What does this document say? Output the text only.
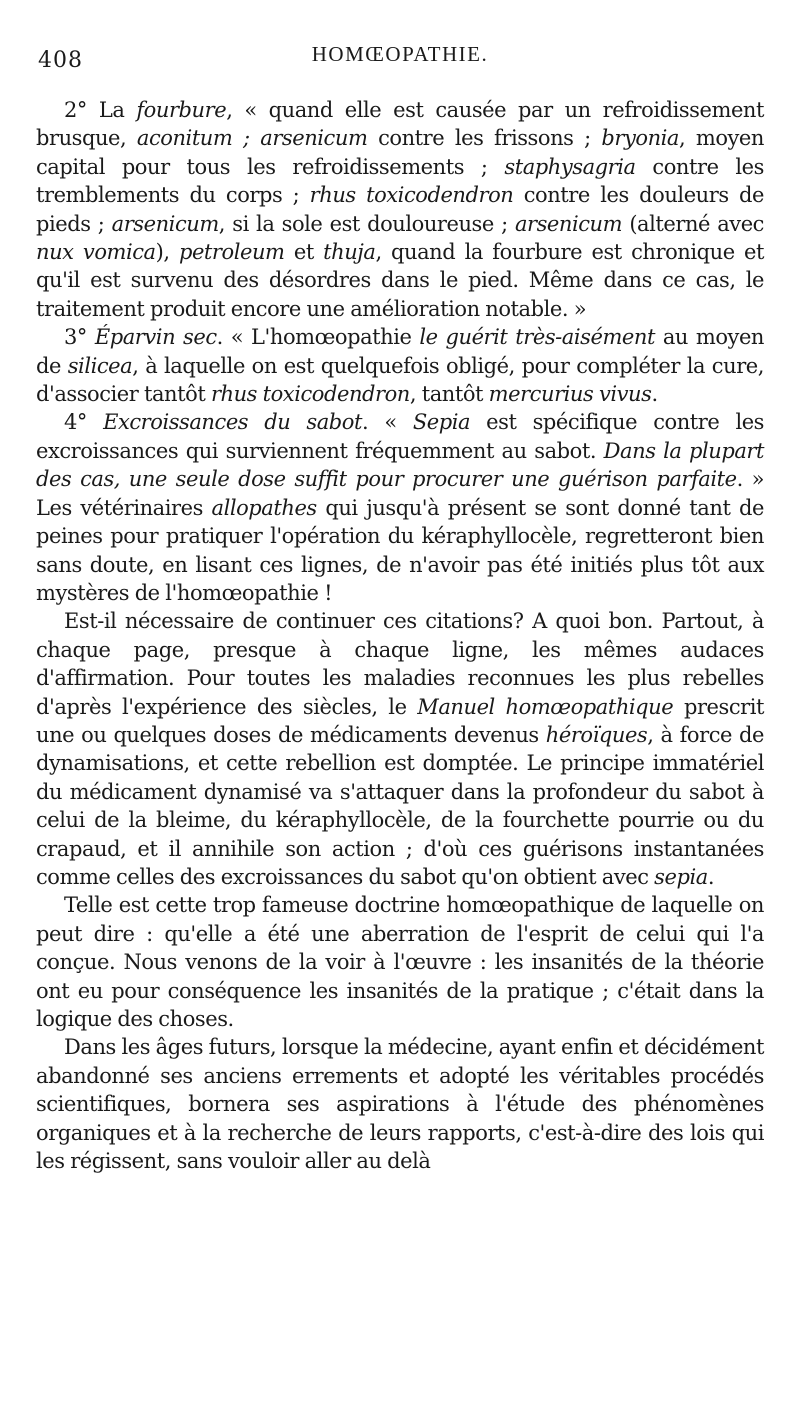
408	HOMŒOPATHIE.

2° La fourbure, « quand elle est causée par un refroidissement brusque, aconitum ; arsenicum contre les frissons ; bryonia, moyen capital pour tous les refroidissements ; staphysagria contre les tremblements du corps ; rhus toxicodendron contre les douleurs de pieds ; arsenicum, si la sole est douloureuse ; arsenicum (alterné avec nux vomica), petroleum et thuja, quand la fourbure est chronique et qu'il est survenu des désordres dans le pied. Même dans ce cas, le traitement produit encore une amélioration notable. »

3° Éparvin sec. « L'homœopathie le guérit très-aisément au moyen de silicea, à laquelle on est quelquefois obligé, pour compléter la cure, d'associer tantôt rhus toxicodendron, tantôt mercurius vivus.

4° Excroissances du sabot. « Sepia est spécifique contre les excroissances qui surviennent fréquemment au sabot. Dans la plupart des cas, une seule dose suffit pour procurer une guérison parfaite. » Les vétérinaires allopathes qui jusqu'à présent se sont donné tant de peines pour pratiquer l'opération du kéraphyllocèle, regretteront bien sans doute, en lisant ces lignes, de n'avoir pas été initiés plus tôt aux mystères de l'homœopathie !

Est-il nécessaire de continuer ces citations? A quoi bon. Partout, à chaque page, presque à chaque ligne, les mêmes audaces d'affirmation. Pour toutes les maladies reconnues les plus rebelles d'après l'expérience des siècles, le Manuel homœopathique prescrit une ou quelques doses de médicaments devenus héroïques, à force de dynamisations, et cette rebellion est domptée. Le principe immatériel du médicament dynamisé va s'attaquer dans la profondeur du sabot à celui de la bleime, du kéraphyllocèle, de la fourchette pourrie ou du crapaud, et il annihile son action ; d'où ces guérisons instantanées comme celles des excroissances du sabot qu'on obtient avec sepia.

Telle est cette trop fameuse doctrine homœopathique de laquelle on peut dire : qu'elle a été une aberration de l'esprit de celui qui l'a conçue. Nous venons de la voir à l'œuvre : les insanités de la théorie ont eu pour conséquence les insanités de la pratique ; c'était dans la logique des choses.

Dans les âges futurs, lorsque la médecine, ayant enfin et décidément abandonné ses anciens errements et adopté les véritables procédés scientifiques, bornera ses aspirations à l'étude des phénomènes organiques et à la recherche de leurs rapports, c'est-à-dire des lois qui les régissent, sans vouloir aller au delà
